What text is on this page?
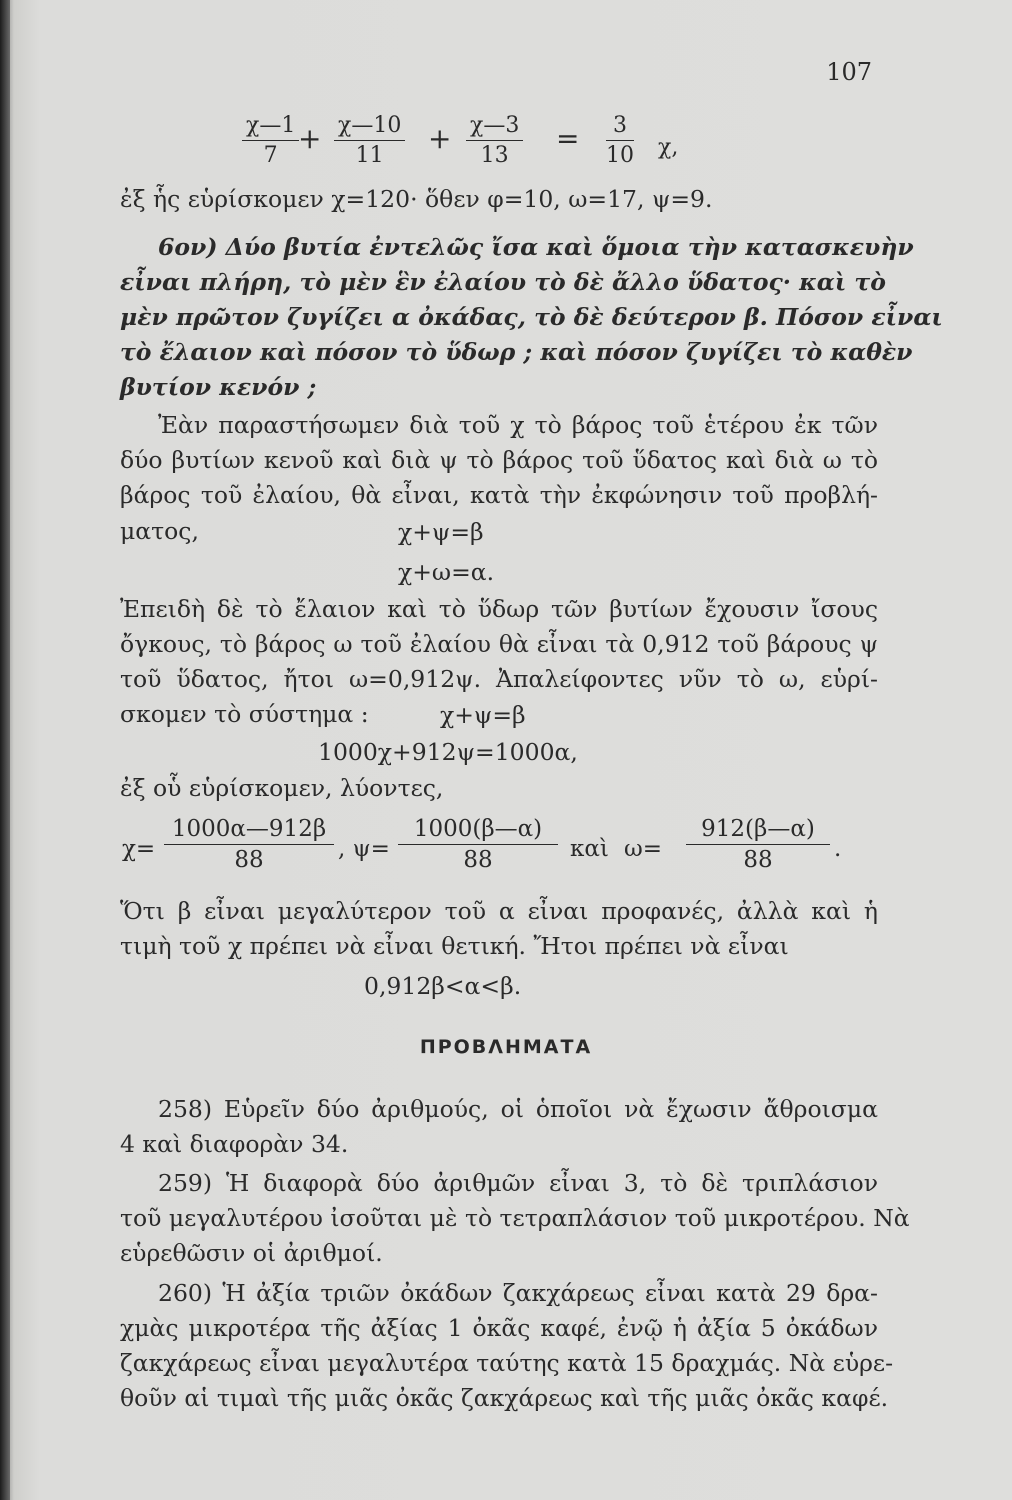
107
$\frac{\chi—1}{7}$
+ $\frac{\chi—10}{11} + \frac{\chi—3}{13} = \frac{3}{10} \chi$,
ἐξ ἧς εὑρίσκομεν χ=120· ὅθεν φ=10, ω=17, ψ=9.
6ον) Δύο βυτία ἐντελῶς ἴσα καὶ ὅμοια τὴν κατασκευὴν
εἶναι πλήρη, τὸ μὲν ἓν ἐλαίου τὸ δὲ ἄλλο ὕδατος· καὶ τὸ
μὲν πρῶτον ζυγίζει α ὀκάδας, τὸ δὲ δεύτερον β. Πόσον εἶναι
τὸ ἔλαιον καὶ πόσον τὸ ὕδωρ ; καὶ πόσον ζυγίζει τὸ καθὲν
βυτίον κενόν ;
Ἐὰν παραστήσωμεν διὰ τοῦ χ τὸ βάρος τοῦ ἑτέρου ἐκ τῶν
δύο βυτίων κενοῦ καὶ διὰ ψ τὸ βάρος τοῦ ὕδατος καὶ διὰ ω τὸ
βάρος τοῦ ἐλαίου, θὰ εἶναι, κατὰ τὴν ἐκφώνησιν τοῦ προβλή-
ματος,	χ+ψ=β
χ+ω=α.
Ἐπειδὴ δὲ τὸ ἔλαιον καὶ τὸ ὕδωρ τῶν βυτίων ἔχουσιν ἴσους
ὄγκους, τὸ βάρος ω τοῦ ἐλαίου θὰ εἶναι τὰ 0,912 τοῦ βάρους ψ
τοῦ ὕδατος, ἤτοι ω=0,912ψ. Ἀπαλείφοντες νῦν τὸ ω, εὑρί-
σκομεν τὸ σύστημα :	χ+ψ=β
1000χ+912ψ=1000α,
ἐξ οὗ εὑρίσκομεν, λύοντες,
$\chi= \frac{1000\alpha—912\beta}{88}$ , $\psi= \frac{1000(\beta—\alpha)}{88}$ καὶ $\omega= \frac{912(\beta—\alpha)}{88}$ .
Ὅτι β εἶναι μεγαλύτερον τοῦ α εἶναι προφανές, ἀλλὰ καὶ ἡ
τιμὴ τοῦ χ πρέπει νὰ εἶναι θετική. Ἤτοι πρέπει νὰ εἶναι
0,912β<α<β.
ΠΡΟΒΛΗΜΑΤΑ
258) Εὑρεῖν δύο ἀριθμούς, οἱ ὁποῖοι νὰ ἔχωσιν ἄθροισμα
4 καὶ διαφορὰν 34.
259) Ἡ διαφορὰ δύο ἀριθμῶν εἶναι 3, τὸ δὲ τριπλάσιον
τοῦ μεγαλυτέρου ἰσοῦται μὲ τὸ τετραπλάσιον τοῦ μικροτέρου. Νὰ
εὑρεθῶσιν οἱ ἀριθμοί.
260) Ἡ ἀξία τριῶν ὀκάδων ζακχάρεως εἶναι κατὰ 29 δρα-
χμὰς μικροτέρα τῆς ἀξίας 1 ὀκᾶς καφέ, ἐνῷ ἡ ἀξία 5 ὀκάδων
ζακχάρεως εἶναι μεγαλυτέρα ταύτης κατὰ 15 δραχμάς. Νὰ εὑρε-
θοῦν αἱ τιμαὶ τῆς μιᾶς ὀκᾶς ζακχάρεως καὶ τῆς μιᾶς ὀκᾶς καφέ.
